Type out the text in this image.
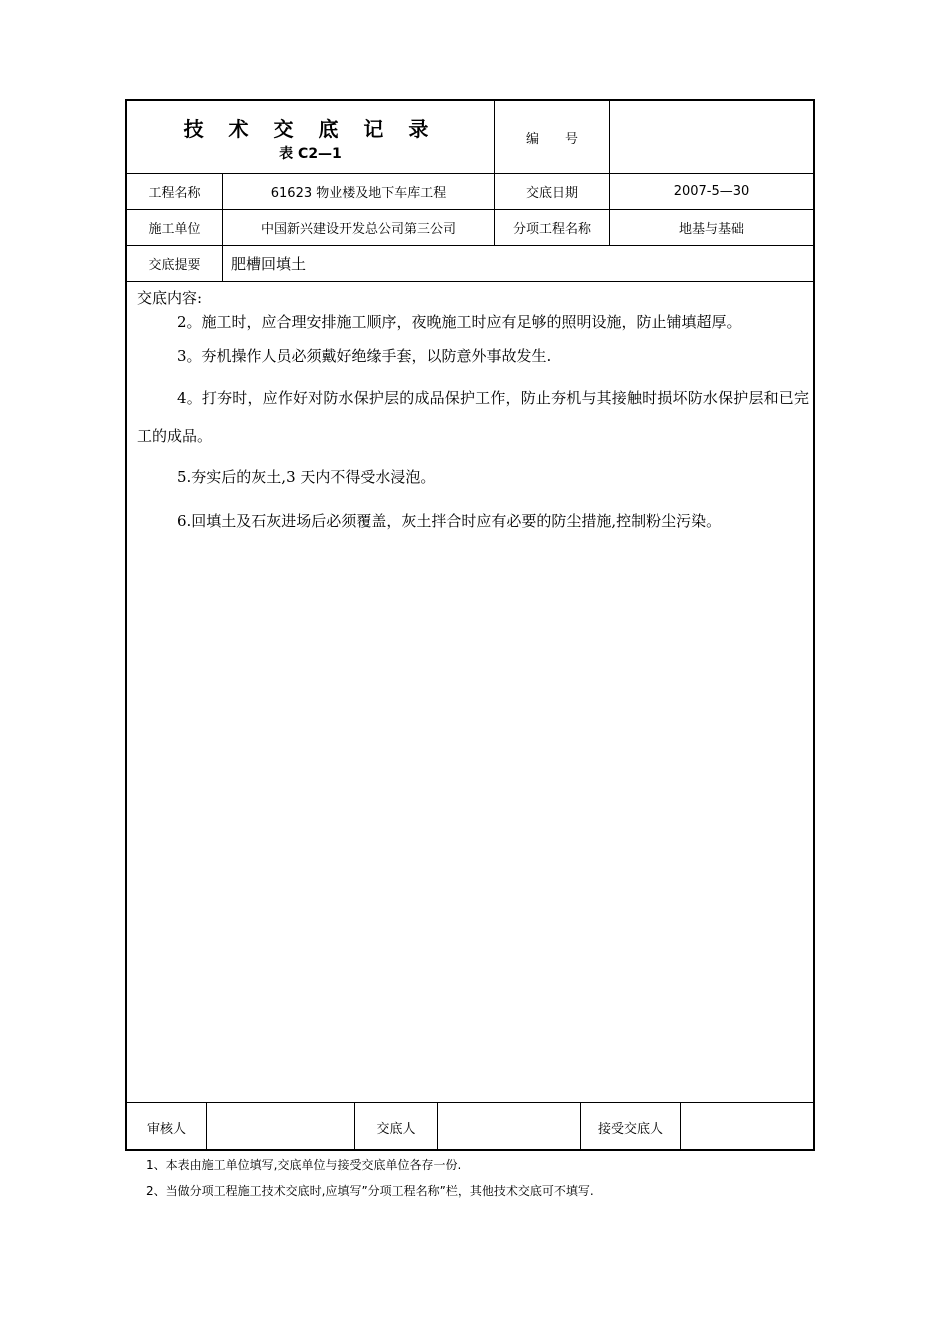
技 术 交 底 记 录
表 C2—1
编　　号
工程名称	61623 物业楼及地下车库工程	交底日期	2007-5—30
施工单位	中国新兴建设开发总公司第三公司	分项工程名称	地基与基础
交底提要	肥槽回填土
交底内容:
2。施工时，应合理安排施工顺序，夜晚施工时应有足够的照明设施，防止铺填超厚。
3。夯机操作人员必须戴好绝缘手套，以防意外事故发生.
4。打夯时，应作好对防水保护层的成品保护工作，防止夯机与其接触时损坏防水保护层和已完工的成品。
5.夯实后的灰土,3 天内不得受水浸泡。
6.回填土及石灰进场后必须覆盖，灰土拌合时应有必要的防尘措施,控制粉尘污染。
审核人	交底人	接受交底人
1、本表由施工单位填写,交底单位与接受交底单位各存一份.
2、当做分项工程施工技术交底时,应填写”分项工程名称”栏，其他技术交底可不填写.
